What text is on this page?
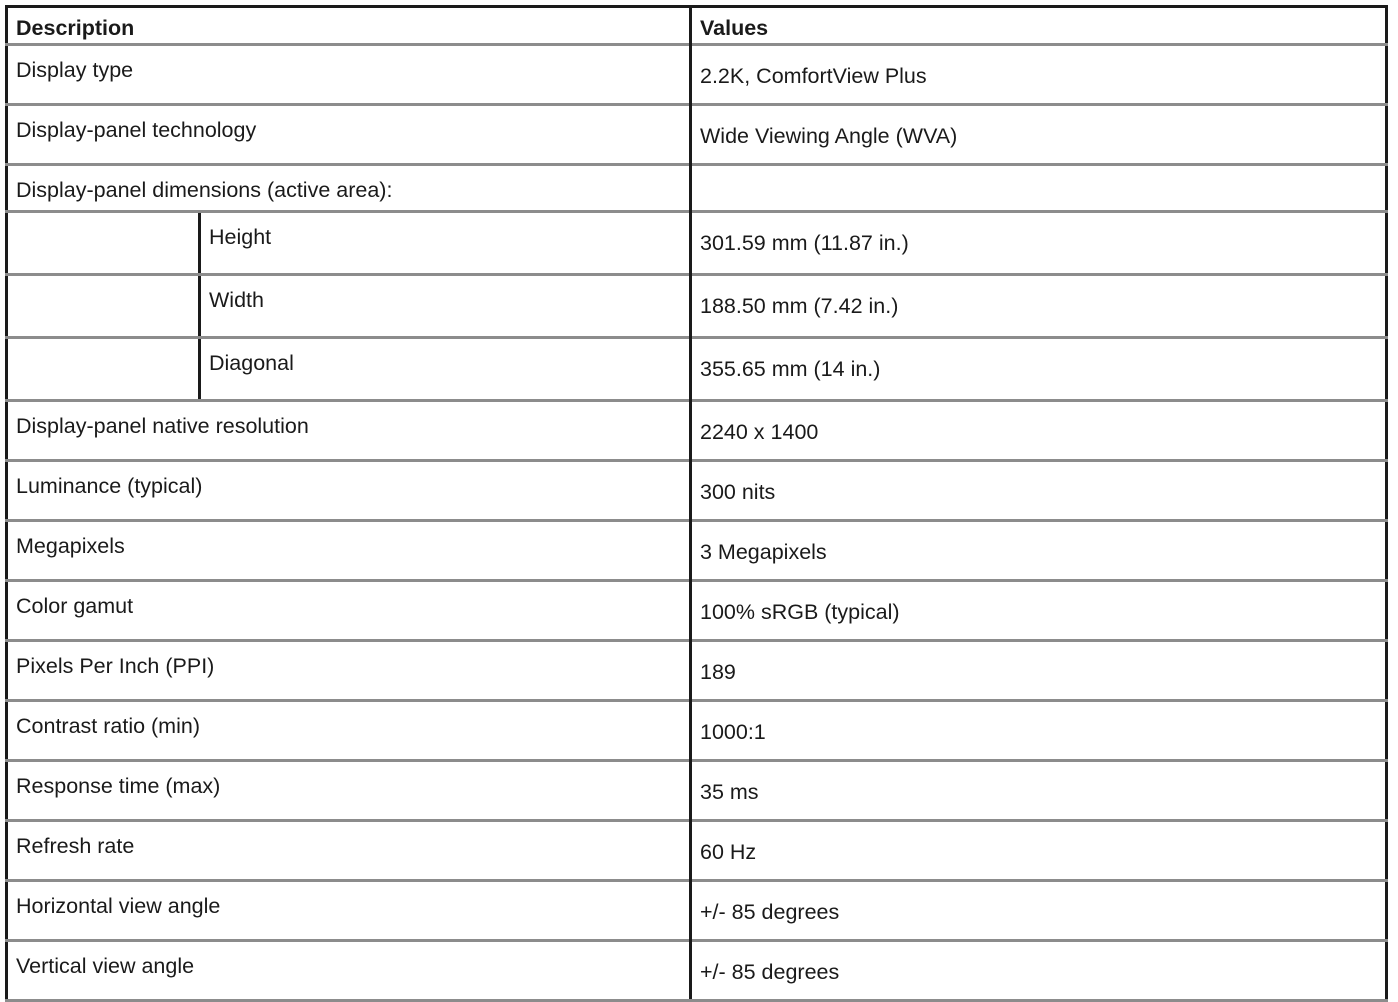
Description	Values
Display type	2.2K, ComfortView Plus
Display-panel technology	Wide Viewing Angle (WVA)
Display-panel dimensions (active area):	

Height	301.59 mm (11.87 in.)

Width	188.50 mm (7.42 in.)

Diagonal	355.65 mm (14 in.)
Display-panel native resolution	2240 x 1400
Luminance (typical)	300 nits
Megapixels	3 Megapixels
Color gamut	100% sRGB (typical)
Pixels Per Inch (PPI)	189
Contrast ratio (min)	1000:1
Response time (max)	35 ms
Refresh rate	60 Hz
Horizontal view angle	+/- 85 degrees
Vertical view angle	+/- 85 degrees
